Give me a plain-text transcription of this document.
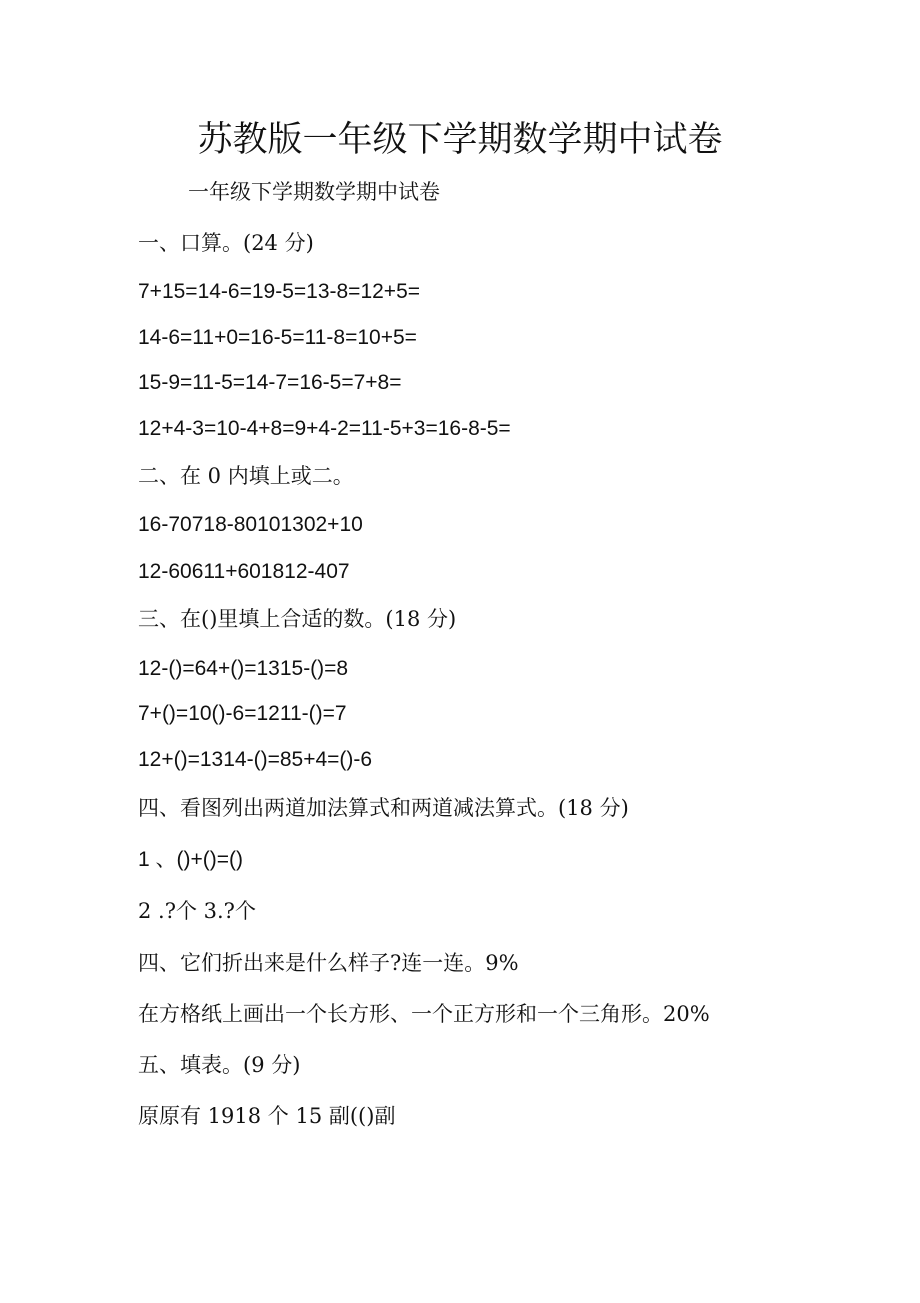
苏教版一年级下学期数学期中试卷
一年级下学期数学期中试卷
一、口算。(24 分)
7+15=14-6=19-5=13-8=12+5=
14-6=11+0=16-5=11-8=10+5=
15-9=11-5=14-7=16-5=7+8=
12+4-3=10-4+8=9+4-2=11-5+3=16-8-5=
二、在 0 内填上或二。
16-70718-80101302+10
12-60611+601812-407
三、在()里填上合适的数。(18 分)
12-()=64+()=1315-()=8
7+()=10()-6=1211-()=7
12+()=1314-()=85+4=()-6
四、看图列出两道加法算式和两道减法算式。(18 分)
1 、()+()=()
2 .?个 3.?个
四、它们折出来是什么样子?连一连。9%
在方格纸上画出一个长方形、一个正方形和一个三角形。20%
五、填表。(9 分)
原原有 1918 个 15 副(()副
